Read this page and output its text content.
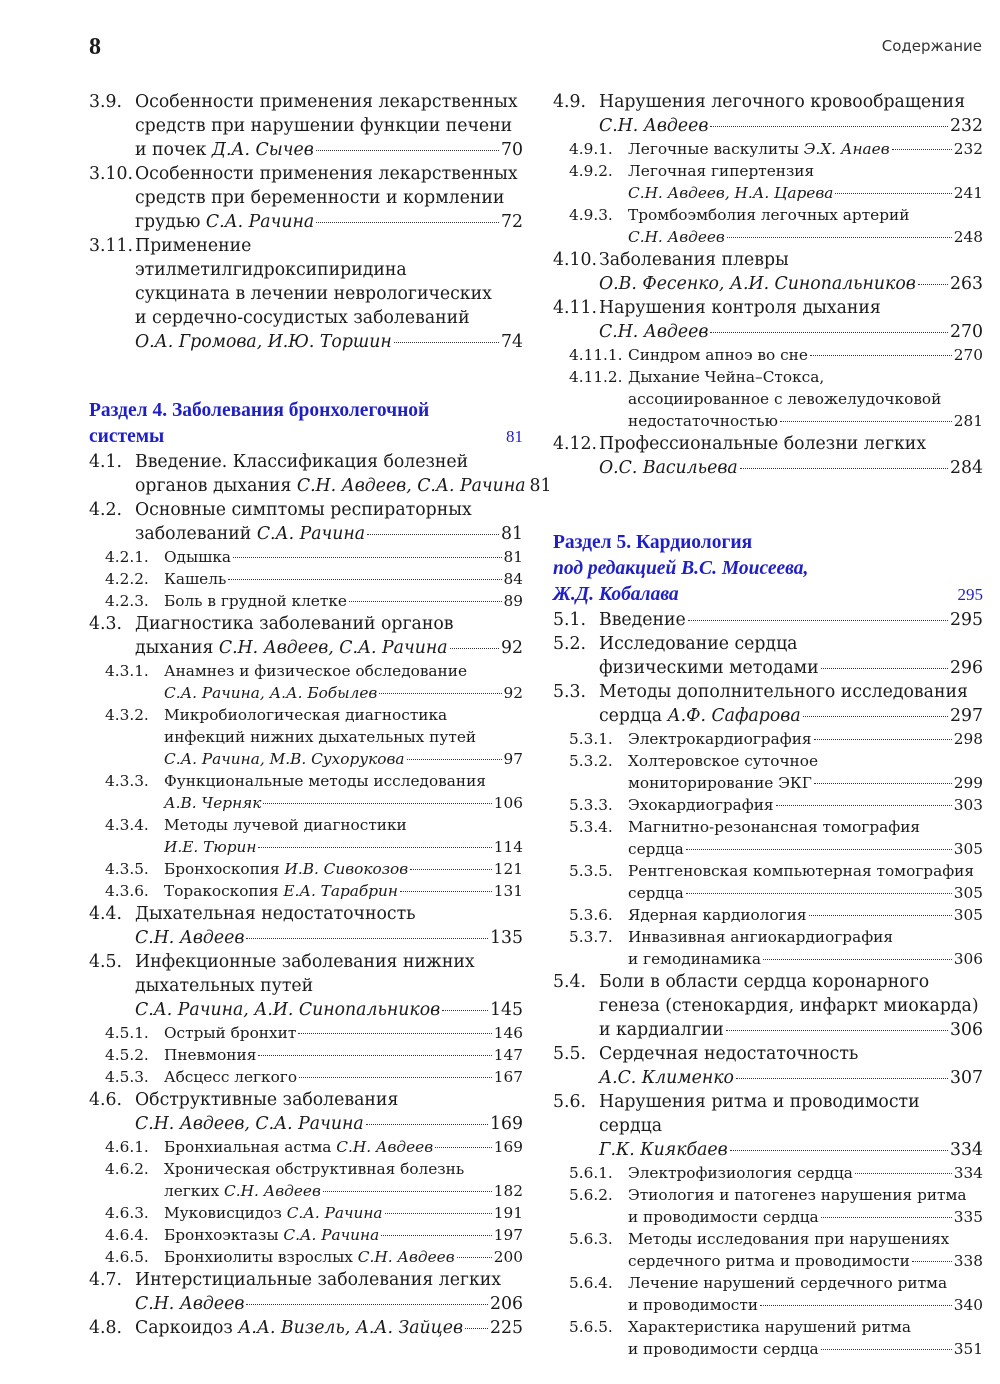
8	Содержание
3.9. Особенности применения лекарственных
средств при нарушении функции печени
и почек Д.А. Сычев	70
3.10. Особенности применения лекарственных
средств при беременности и кормлении
грудью С.А. Рачина	72
3.11. Применение этилметилгидроксипиридина
сукцината в лечении неврологических
и сердечно-сосудистых заболеваний
О.А. Громова, И.Ю. Торшин	74
Раздел 4. Заболевания бронхолегочной
системы	81
4.1. Введение. Классификация болезней
органов дыхания С.Н. Авдеев, С.А. Рачина 81
4.2. Основные симптомы респираторных
заболеваний С.А. Рачина	81
4.2.1. Одышка	81
4.2.2. Кашель	84
4.2.3. Боль в грудной клетке	89
4.3. Диагностика заболеваний органов
дыхания С.Н. Авдеев, С.А. Рачина	92
4.3.1. Анамнез и физическое обследование
С.А. Рачина, А.А. Бобылев	92
4.3.2. Микробиологическая диагностика
инфекций нижних дыхательных путей
С.А. Рачина, М.В. Сухорукова	97
4.3.3. Функциональные методы исследования
А.В. Черняк	106
4.3.4. Методы лучевой диагностики
И.Е. Тюрин	114
4.3.5. Бронхоскопия И.В. Сивокозов	121
4.3.6. Торакоскопия Е.А. Тарабрин	131
4.4. Дыхательная недостаточность
С.Н. Авдеев	135
4.5. Инфекционные заболевания нижних
дыхательных путей
С.А. Рачина, А.И. Синопальников	145
4.5.1. Острый бронхит	146
4.5.2. Пневмония	147
4.5.3. Абсцесс легкого	167
4.6. Обструктивные заболевания
С.Н. Авдеев, С.А. Рачина	169
4.6.1. Бронхиальная астма С.Н. Авдеев	169
4.6.2. Хроническая обструктивная болезнь
легких С.Н. Авдеев	182
4.6.3. Муковисцидоз С.А. Рачина	191
4.6.4. Бронхоэктазы С.А. Рачина	197
4.6.5. Бронхиолиты взрослых С.Н. Авдеев	200
4.7. Интерстициальные заболевания легких
С.Н. Авдеев	206
4.8. Саркоидоз А.А. Визель, А.А. Зайцев 225
4.9. Нарушения легочного кровообращения
С.Н. Авдеев	232
4.9.1. Легочные васкулиты Э.Х. Анаев	232
4.9.2. Легочная гипертензия
С.Н. Авдеев, Н.А. Царева	241
4.9.3. Тромбоэмболия легочных артерий
С.Н. Авдеев	248
4.10. Заболевания плевры
О.В. Фесенко, А.И. Синопальников 263
4.11. Нарушения контроля дыхания
С.Н. Авдеев	270
4.11.1. Синдром апноэ во сне	270
4.11.2. Дыхание Чейна–Стокса,
ассоциированное с левожелудочковой
недостаточностью	281
4.12. Профессиональные болезни легких
О.С. Васильева	284
Раздел 5. Кардиология
под редакцией В.С. Моисеева,
Ж.Д. Кобалава	295
5.1. Введение	295
5.2. Исследование сердца
физическими методами	296
5.3. Методы дополнительного исследования
сердца А.Ф. Сафарова	297
5.3.1. Электрокардиография	298
5.3.2. Холтеровское суточное
мониторирование ЭКГ	299
5.3.3. Эхокардиография	303
5.3.4. Магнитно-резонансная томография
сердца	305
5.3.5. Рентгеновская компьютерная томография
сердца	305
5.3.6. Ядерная кардиология	305
5.3.7. Инвазивная ангиокардиография
и гемодинамика	306
5.4. Боли в области сердца коронарного
генеза (стенокардия, инфаркт миокарда)
и кардиалгии	306
5.5. Сердечная недостаточность
А.С. Клименко	307
5.6. Нарушения ритма и проводимости сердца
Г.К. Киякбаев	334
5.6.1. Электрофизиология сердца	334
5.6.2. Этиология и патогенез нарушения ритма
и проводимости сердца	335
5.6.3. Методы исследования при нарушениях
сердечного ритма и проводимости	338
5.6.4. Лечение нарушений сердечного ритма
и проводимости	340
5.6.5. Характеристика нарушений ритма
и проводимости сердца	351
